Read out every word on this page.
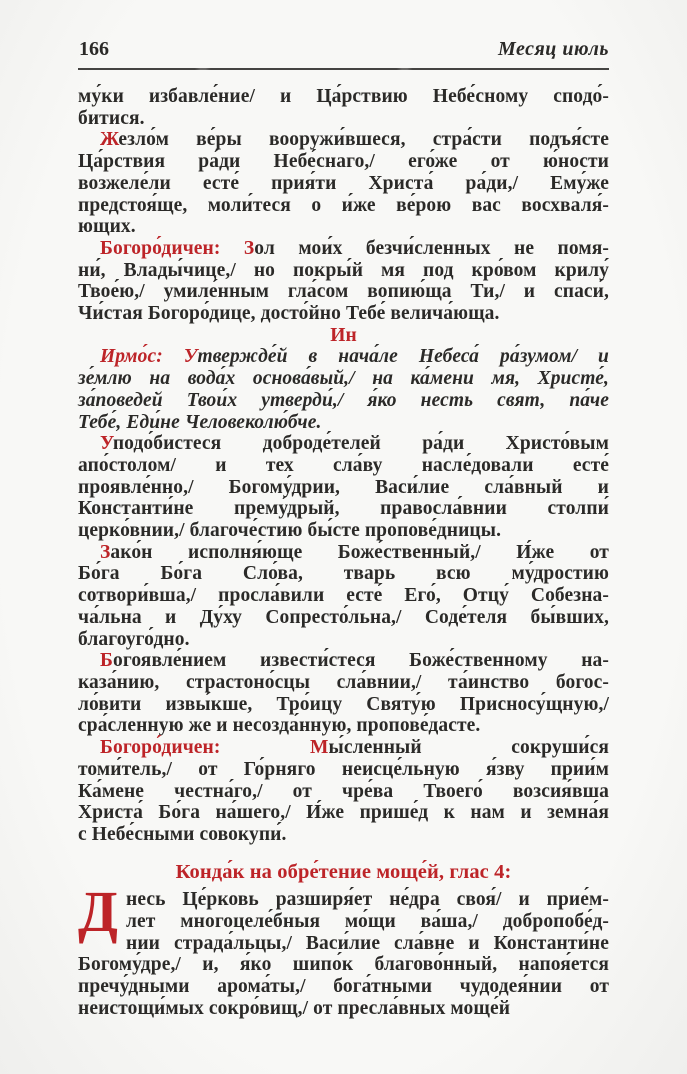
166	Месяц июль
му́ки избавле́ние/ и Ца́рствию Небе́сному сподо́-
битися.
Жезло́м ве́ры вооружи́вшеся, стра́сти подъя́сте
Ца́рствия ра́ди Небе́снаго,/ его́же от ю́ности
возжеле́ли есте́ прия́ти Христа́ ра́ди,/ Ему́же
предстоя́ще, моли́теся о и́же ве́рою вас восхваля́-
ющих.
Богоро́дичен: Зол мои́х безчи́сленных не помя-
ни́, Влады́чице,/ но покры́й мя под кро́вом крилу́
Твое́ю,/ умиле́нным гла́сом вопию́ща Ти,/ и спаси́,
Чи́стая Богоро́дице, досто́йно Тебе́ велича́юща.
Ин
Ирмо́с: Утвержде́й в нача́ле Небеса́ ра́зумом/ и
зе́млю на вода́х основа́вый,/ на ка́мени мя, Христе́,
за́поведей Твои́х утверди́,/ я́ко несть свят, па́че
Тебе́, Еди́не Человеколю́бче.
Уподо́бистеся доброде́телей ра́ди Христо́вым
апо́столом/ и тех сла́ву насле́довали есте́
проявле́нно,/ Богому́дрии, Васи́лие сла́вный и
Константи́не прему́дрый, правосла́внии столпи́
церко́внии,/ благоче́стию бы́сте пропове́дницы.
Зако́н исполня́юще Боже́ственный,/ И́же от
Бо́га Бо́га Сло́ва, тварь всю му́дростию
сотвори́вша,/ просла́вили есте́ Его́, Отцу́ Собезна-
ча́льна и Ду́ху Сопресто́льна,/ Соде́теля бы́вших,
благоуго́дно.
Богоявле́нием извести́стеся Боже́ственному на-
каза́нию, страстоно́сцы сла́внии,/ та́инство богос-
ло́вити извы́кше, Тро́ицу Святу́ю Присносу́щную,/
сра́сленную же и несозда́нную, пропове́дасте.
Богоро́дичен: Мы́сленный сокруши́ся
томи́тель,/ от Го́рняго неисце́льную я́зву прии́м
Ка́мене честна́го,/ от чре́ва Твоего́ возсия́вша
Христа́ Бо́га на́шего,/ И́же прише́д к нам и земна́я
с Небе́сными совокупи́.
Конда́к на обре́тение моще́й, глас 4:
Д несь Це́рковь разширя́ет не́дра своя́/ и прие́м-
лет многоцеле́бныя мо́щи ва́ша,/ добропобе́д-
нии страда́льцы,/ Васи́лие сла́вне и Константи́не
Богому́дре,/ и, я́ко шипо́к благово́нный, напоя́ется
пречу́дными арома́ты,/ бога́тными чудодея́нии от
неистощи́мых сокро́вищ,/ от пресла́вных моще́й
